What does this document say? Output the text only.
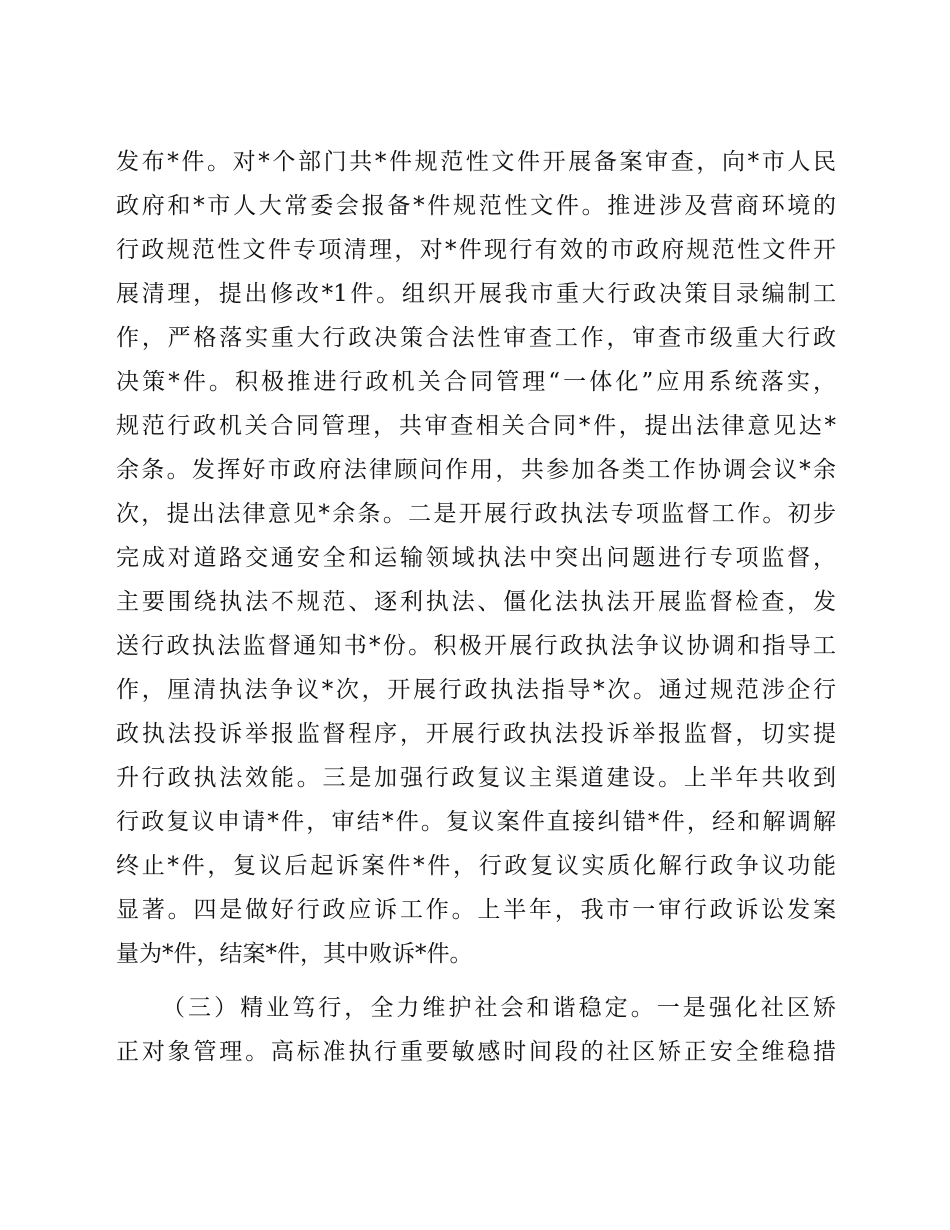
发布*件。对*个部门共*件规范性文件开展备案审查，向*市人民
政府和*市人大常委会报备*件规范性文件。推进涉及营商环境的
行政规范性文件专项清理，对*件现行有效的市政府规范性文件开
展清理，提出修改*1件。组织开展我市重大行政决策目录编制工
作，严格落实重大行政决策合法性审查工作，审查市级重大行政
决策*件。积极推进行政机关合同管理“一体化”应用系统落实，
规范行政机关合同管理，共审查相关合同*件，提出法律意见达*
余条。发挥好市政府法律顾问作用，共参加各类工作协调会议*余
次，提出法律意见*余条。二是开展行政执法专项监督工作。初步
完成对道路交通安全和运输领域执法中突出问题进行专项监督，
主要围绕执法不规范、逐利执法、僵化法执法开展监督检查，发
送行政执法监督通知书*份。积极开展行政执法争议协调和指导工
作，厘清执法争议*次，开展行政执法指导*次。通过规范涉企行
政执法投诉举报监督程序，开展行政执法投诉举报监督，切实提
升行政执法效能。三是加强行政复议主渠道建设。上半年共收到
行政复议申请*件，审结*件。复议案件直接纠错*件，经和解调解
终止*件，复议后起诉案件*件，行政复议实质化解行政争议功能
显著。四是做好行政应诉工作。上半年，我市一审行政诉讼发案
量为*件，结案*件，其中败诉*件。
（三）精业笃行，全力维护社会和谐稳定。一是强化社区矫
正对象管理。高标准执行重要敏感时间段的社区矫正安全维稳措
